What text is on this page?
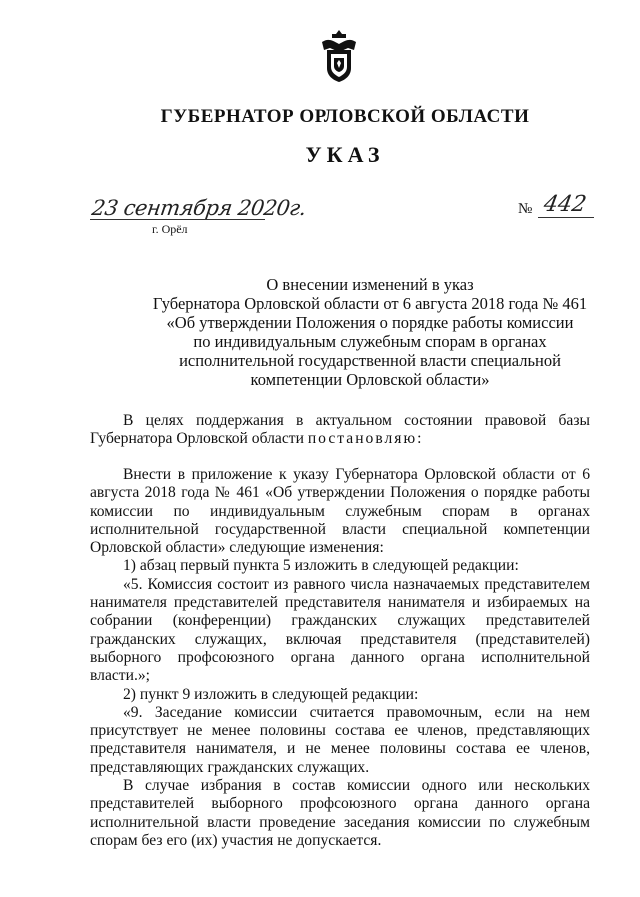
ГУБЕРНАТОР ОРЛОВСКОЙ ОБЛАСТИ
УКАЗ
23 сентября 2020г.
г. Орёл
№ 442
О внесении изменений в указ
Губернатора Орловской области от 6 августа 2018 года № 461
«Об утверждении Положения о порядке работы комиссии
по индивидуальным служебным спорам в органах
исполнительной государственной власти специальной
компетенции Орловской области»

В целях поддержания в актуальном состоянии правовой базы Губернатора Орловской области постановляю:

Внести в приложение к указу Губернатора Орловской области от 6 августа 2018 года № 461 «Об утверждении Положения о порядке работы комиссии по индивидуальным служебным спорам в органах исполнительной государственной власти специальной компетенции Орловской области» следующие изменения:

1) абзац первый пункта 5 изложить в следующей редакции:

«5. Комиссия состоит из равного числа назначаемых представителем нанимателя представителей представителя нанимателя и избираемых на собрании (конференции) гражданских служащих представителей гражданских служащих, включая представителя (представителей) выборного профсоюзного органа данного органа исполнительной власти.»;

2) пункт 9 изложить в следующей редакции:

«9. Заседание комиссии считается правомочным, если на нем присутствует не менее половины состава ее членов, представляющих представителя нанимателя, и не менее половины состава ее членов, представляющих гражданских служащих.

В случае избрания в состав комиссии одного или нескольких представителей выборного профсоюзного органа данного органа исполнительной власти проведение заседания комиссии по служебным спорам без его (их) участия не допускается.
